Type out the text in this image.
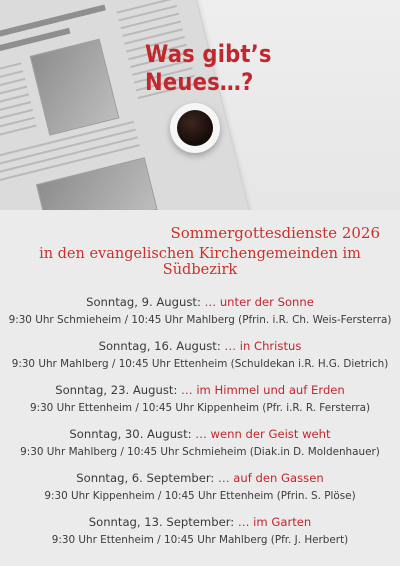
Was gibt’s Neues…?
Sommergottesdienste 2026
in den evangelischen Kirchengemeinden im Südbezirk
Sonntag, 9. August: … unter der Sonne
9:30 Uhr Schmieheim / 10:45 Uhr Mahlberg (Pfrin. i.R. Ch. Weis-Fersterra)
Sonntag, 16. August: … in Christus
9:30 Uhr Mahlberg / 10:45 Uhr Ettenheim (Schuldekan i.R. H.G. Dietrich)
Sonntag, 23. August: … im Himmel und auf Erden
9:30 Uhr Ettenheim / 10:45 Uhr Kippenheim (Pfr. i.R. R. Fersterra)
Sonntag, 30. August: … wenn der Geist weht
9:30 Uhr Mahlberg / 10:45 Uhr Schmieheim (Diak.in D. Moldenhauer)
Sonntag, 6. September: … auf den Gassen
9:30 Uhr Kippenheim / 10:45 Uhr Ettenheim (Pfrin. S. Plöse)
Sonntag, 13. September: … im Garten
9:30 Uhr Ettenheim / 10:45 Uhr Mahlberg (Pfr. J. Herbert)
